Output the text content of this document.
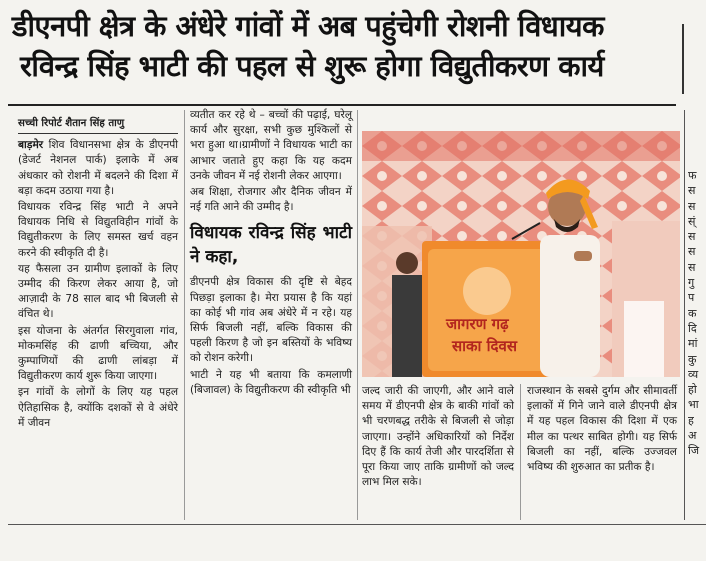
डीएनपी क्षेत्र के अंधेरे गांवों में अब पहुंचेगी रोशनी विधायक
रविन्द्र सिंह भाटी की पहल से शुरू होगा विद्युतीकरण कार्य
सच्ची रिपोर्ट शैतान सिंह ताणु

बाड़मेर शिव विधानसभा क्षेत्र के डीएनपी (डेजर्ट नेशनल पार्क) इलाके में अब अंधकार को रोशनी में बदलने की दिशा में बड़ा कदम उठाया गया है।

विधायक रविन्द्र सिंह भाटी ने अपने विधायक निधि से विद्युतविहीन गांवों के विद्युतीकरण के लिए समस्त खर्च वहन करने की स्वीकृति दी है।

यह फैसला उन ग्रामीण इलाकों के लिए उम्मीद की किरण लेकर आया है, जो आज़ादी के 78 साल बाद भी बिजली से वंचित थे।

इस योजना के अंतर्गत सिरगुवाला गांव, मोकमसिंह की ढाणी बच्चिया, और कुम्पाणियों की ढाणी लांबड़ा में विद्युतीकरण कार्य शुरू किया जाएगा।

इन गांवों के लोगों के लिए यह पहल ऐतिहासिक है, क्योंकि दशकों से वे अंधेरे में जीवन

व्यतीत कर रहे थे – बच्चों की पढ़ाई, घरेलू कार्य और सुरक्षा, सभी कुछ मुश्किलों से भरा हुआ था।ग्रामीणों ने विधायक भाटी का आभार जताते हुए कहा कि यह कदम उनके जीवन में नई रोशनी लेकर आएगा।

अब शिक्षा, रोजगार और दैनिक जीवन में नई गति आने की उम्मीद है।

विधायक रविन्द्र सिंह भाटी ने कहा,

डीएनपी क्षेत्र विकास की दृष्टि से बेहद पिछड़ा इलाका है। मेरा प्रयास है कि यहां का कोई भी गांव अब अंधेरे में न रहे। यह सिर्फ बिजली नहीं, बल्कि विकास की पहली किरण है जो इन बस्तियों के भविष्य को रोशन करेगी।

भाटी ने यह भी बताया कि कमलाणी (बिजावल) के विद्युतीकरण की स्वीकृति भी

जागरण गढ़
साका दिवस

जल्द जारी की जाएगी, और आने वाले समय में डीएनपी क्षेत्र के बाकी गांवों को भी चरणबद्ध तरीके से बिजली से जोड़ा जाएगा। उन्होंने अधिकारियों को निर्देश दिए हैं कि कार्य तेजी और पारदर्शिता से पूरा किया जाए ताकि ग्रामीणों को जल्द लाभ मिल सके।

राजस्थान के सबसे दुर्गम और सीमावर्ती इलाकों में गिने जाने वाले डीएनपी क्षेत्र में यह पहल विकास की दिशा में एक मील का पत्थर साबित होगी। यह सिर्फ बिजली का नहीं, बल्कि उज्जवल भविष्य की शुरुआत का प्रतीक है।

फ
स
स
स्ं
स
स
स
गु
प
क
दि
मां
कु
व्य
हो
भा
ह
अ
जि
